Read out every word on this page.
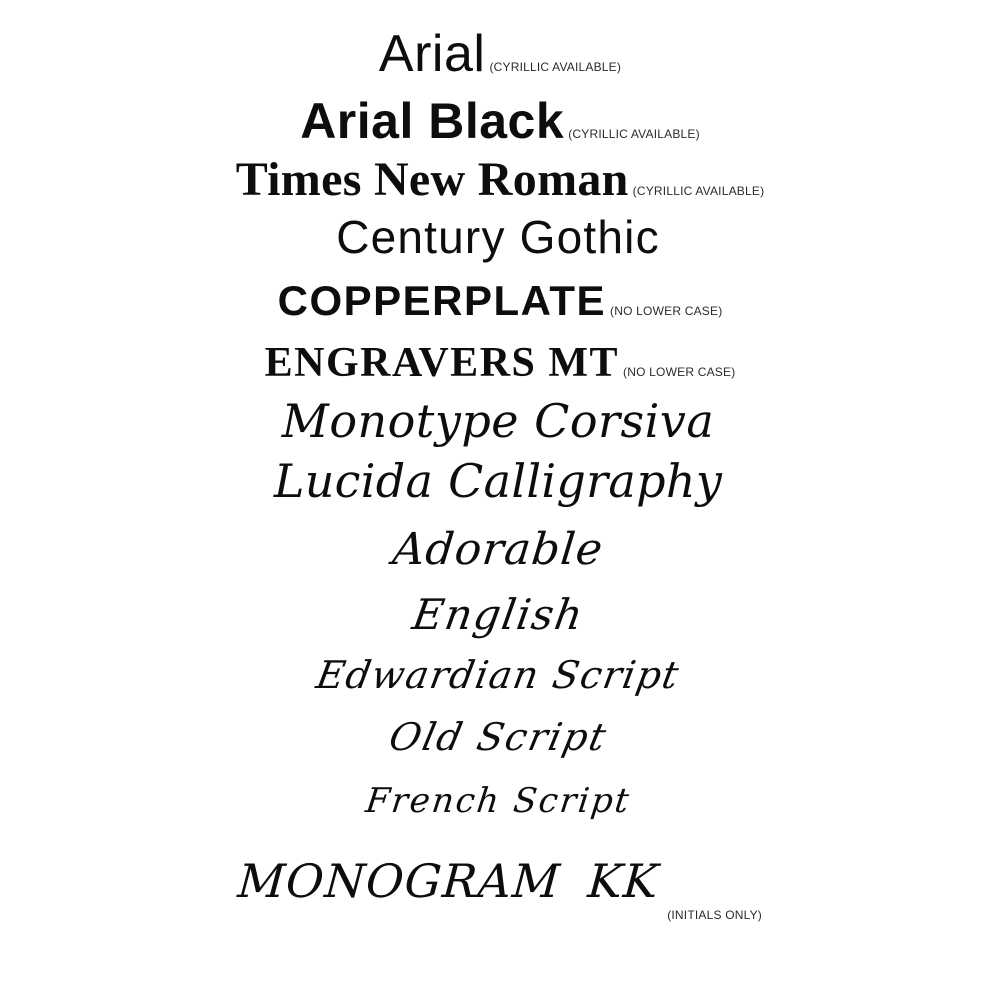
Arial (CYRILLIC AVAILABLE)
Arial Black (CYRILLIC AVAILABLE)
Times New Roman (CYRILLIC AVAILABLE)
Century Gothic
COPPERPLATE (NO LOWER CASE)
ENGRAVERS MT (NO LOWER CASE)
Monotype Corsiva
Lucida Calligraphy
Adorable
English
Edwardian Script
Old Script
French Script
MONOGRAM KK
(INITIALS ONLY)
